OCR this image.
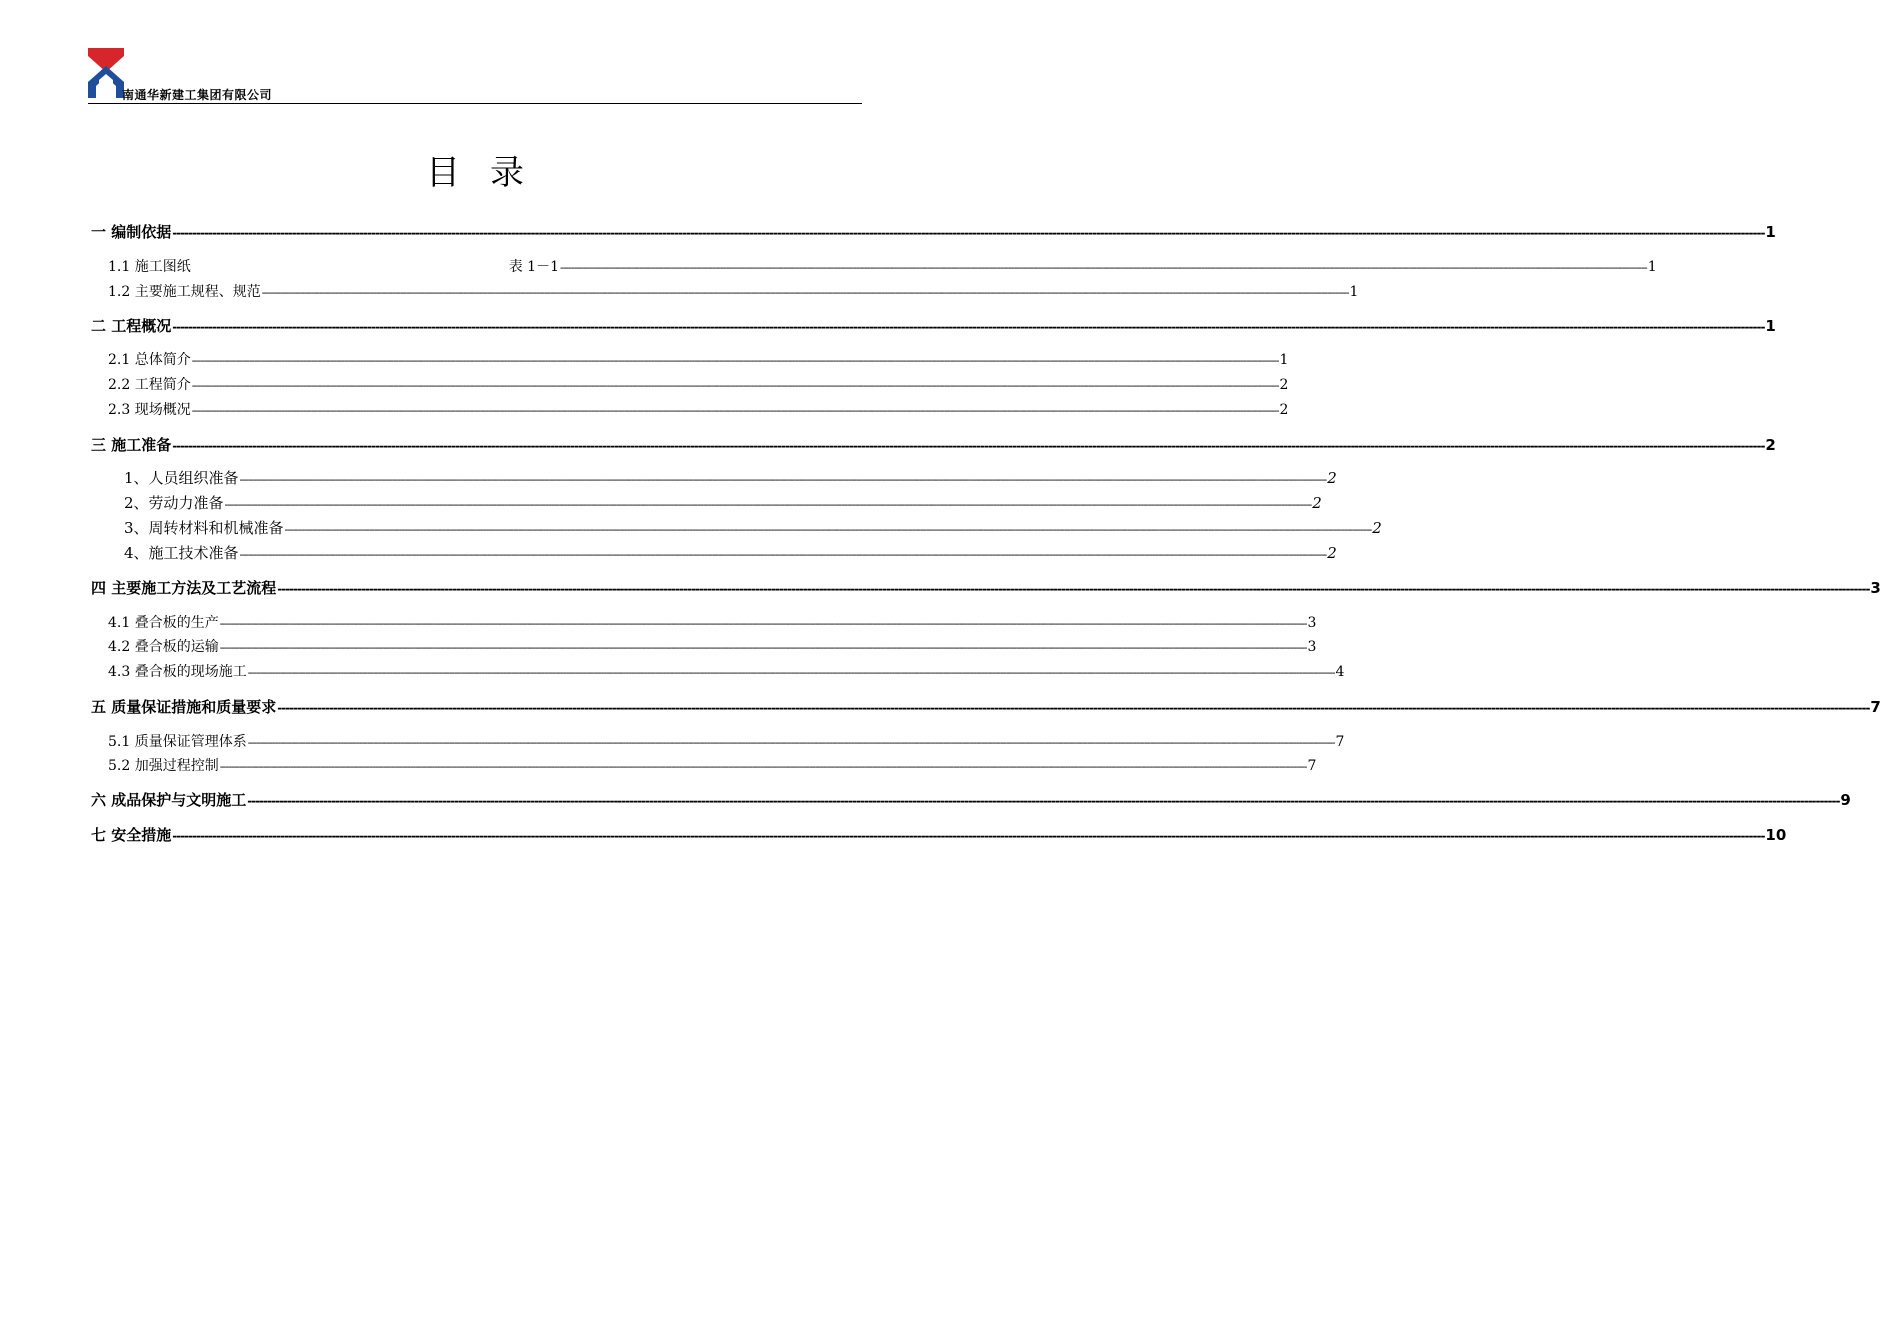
南通华新建工集团有限公司
目录
一 编制依据 ---------------------------------------------------------------------------------------------------------------------------------------------------------------------------------------------------------------------------------------------------------------------------------------------------------------------------------------------------------------------------------------------------------------- 1
1.1 施工图纸	表 1－1 ---------------------------------------------------------------------------------------------------------------------------------------------------------------------------------------------------------------------------------------------------------------------------------------------------------------------------------------------------------------------------------------------------------------- 1
1.2 主要施工规程、规范 ---------------------------------------------------------------------------------------------------------------------------------------------------------------------------------------------------------------------------------------------------------------------------------------------------------------------------------------------------------------------------------------------------------------- 1
二 工程概况 ---------------------------------------------------------------------------------------------------------------------------------------------------------------------------------------------------------------------------------------------------------------------------------------------------------------------------------------------------------------------------------------------------------------- 1
2.1 总体简介 ---------------------------------------------------------------------------------------------------------------------------------------------------------------------------------------------------------------------------------------------------------------------------------------------------------------------------------------------------------------------------------------------------------------- 1
2.2 工程简介 ---------------------------------------------------------------------------------------------------------------------------------------------------------------------------------------------------------------------------------------------------------------------------------------------------------------------------------------------------------------------------------------------------------------- 2
2.3 现场概况 ---------------------------------------------------------------------------------------------------------------------------------------------------------------------------------------------------------------------------------------------------------------------------------------------------------------------------------------------------------------------------------------------------------------- 2
三 施工准备 ---------------------------------------------------------------------------------------------------------------------------------------------------------------------------------------------------------------------------------------------------------------------------------------------------------------------------------------------------------------------------------------------------------------- 2
1、人员组织准备 ---------------------------------------------------------------------------------------------------------------------------------------------------------------------------------------------------------------------------------------------------------------------------------------------------------------------------------------------------------------------------------------------------------------- 2
2、劳动力准备 ---------------------------------------------------------------------------------------------------------------------------------------------------------------------------------------------------------------------------------------------------------------------------------------------------------------------------------------------------------------------------------------------------------------- 2
3、周转材料和机械准备 ---------------------------------------------------------------------------------------------------------------------------------------------------------------------------------------------------------------------------------------------------------------------------------------------------------------------------------------------------------------------------------------------------------------- 2
4、施工技术准备 ---------------------------------------------------------------------------------------------------------------------------------------------------------------------------------------------------------------------------------------------------------------------------------------------------------------------------------------------------------------------------------------------------------------- 2
四 主要施工方法及工艺流程 ---------------------------------------------------------------------------------------------------------------------------------------------------------------------------------------------------------------------------------------------------------------------------------------------------------------------------------------------------------------------------------------------------------------- 3
4.1 叠合板的生产 ---------------------------------------------------------------------------------------------------------------------------------------------------------------------------------------------------------------------------------------------------------------------------------------------------------------------------------------------------------------------------------------------------------------- 3
4.2 叠合板的运输 ---------------------------------------------------------------------------------------------------------------------------------------------------------------------------------------------------------------------------------------------------------------------------------------------------------------------------------------------------------------------------------------------------------------- 3
4.3 叠合板的现场施工 ---------------------------------------------------------------------------------------------------------------------------------------------------------------------------------------------------------------------------------------------------------------------------------------------------------------------------------------------------------------------------------------------------------------- 4
五 质量保证措施和质量要求 ---------------------------------------------------------------------------------------------------------------------------------------------------------------------------------------------------------------------------------------------------------------------------------------------------------------------------------------------------------------------------------------------------------------- 7
5.1 质量保证管理体系 ---------------------------------------------------------------------------------------------------------------------------------------------------------------------------------------------------------------------------------------------------------------------------------------------------------------------------------------------------------------------------------------------------------------- 7
5.2 加强过程控制 ---------------------------------------------------------------------------------------------------------------------------------------------------------------------------------------------------------------------------------------------------------------------------------------------------------------------------------------------------------------------------------------------------------------- 7
六 成品保护与文明施工 ---------------------------------------------------------------------------------------------------------------------------------------------------------------------------------------------------------------------------------------------------------------------------------------------------------------------------------------------------------------------------------------------------------------- 9
七 安全措施 ---------------------------------------------------------------------------------------------------------------------------------------------------------------------------------------------------------------------------------------------------------------------------------------------------------------------------------------------------------------------------------------------------------------- 10
